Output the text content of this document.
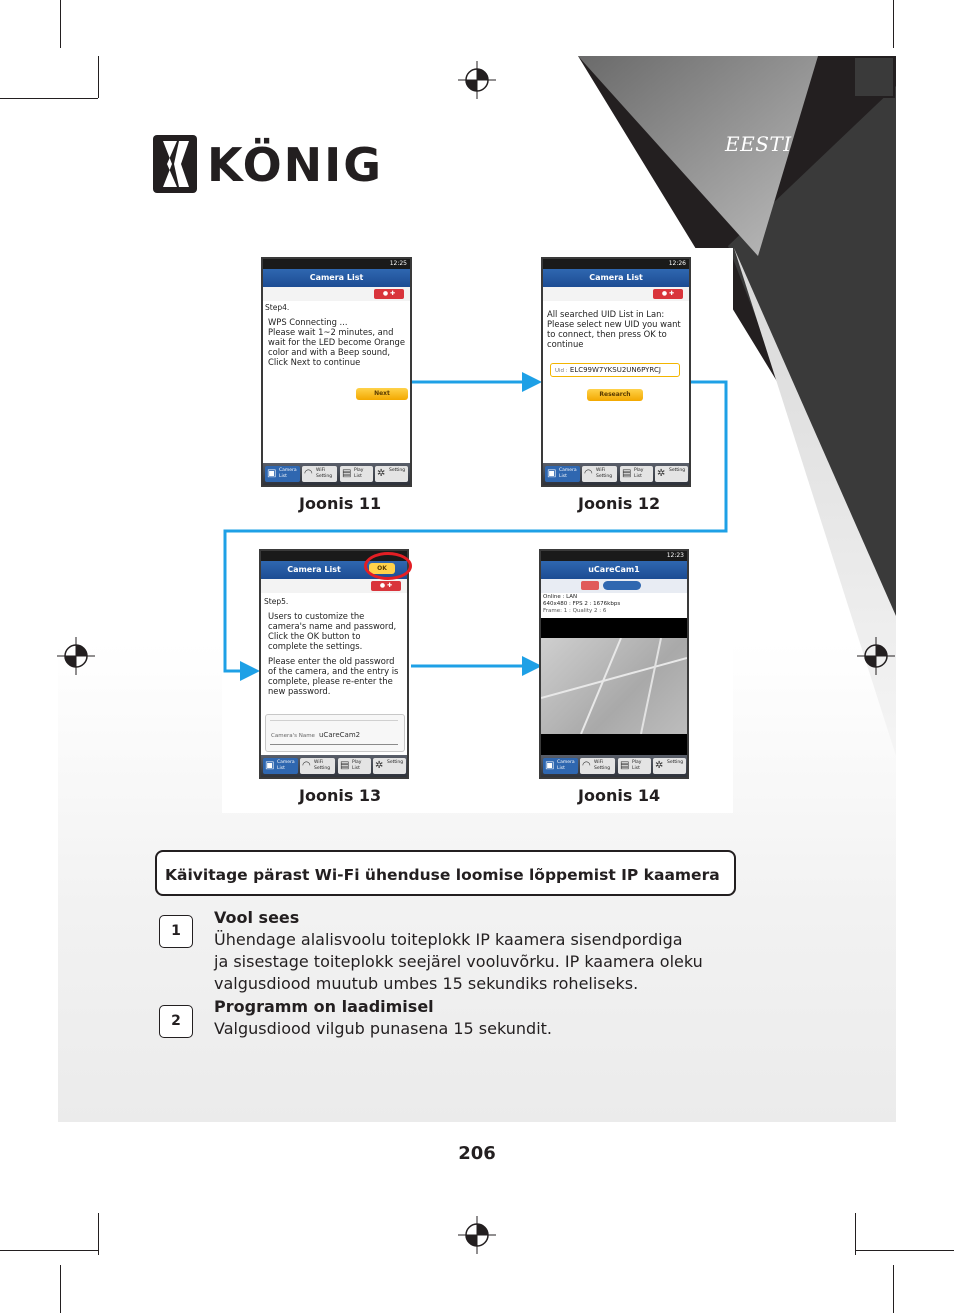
EESTI
KÖNIG
12:25
Camera List
● ✚
Step4.
WPS Connecting ...
Please wait 1~2 minutes, and
wait for the LED become Orange
color and with a Beep sound,
Click Next to continue
Next
▣ Camera List	◠ WiFi Setting ▤ Play List	✲ Setting
Joonis 11
12:26
Camera List
● ✚
All searched UID List in Lan:
Please select new UID you want
to connect, then press OK to
continue
Uid : ELC99W7YKSU2UN6PYRCJ
Research
▣ Camera List	◠ WiFi Setting ▤ Play List	✲ Setting
Joonis 12
Camera List	OK
● ✚
Step5.
Users to customize the
camera's name and password,
Click the OK button to
complete the settings.
Please enter the old password
of the camera, and the entry is
complete, please re-enter the
new password.
Camera's Name uCareCam2
▣ Camera List	◠ WiFi Setting ▤ Play List	✲ Setting
Joonis 13
12:23
uCareCam1
Online : LAN
640x480 : FPS 2 : 1676kbps
Frame: 1 : Quality 2 : 6
▣ Camera List	◠ WiFi Setting ▤ Play List	✲ Setting
Joonis 14
Käivitage pärast Wi-Fi ühenduse loomise lõppemist IP kaamera
1
Vool sees
Ühendage alalisvoolu toiteplokk IP kaamera sisendpordiga
ja sisestage toiteplokk seejärel vooluvõrku. IP kaamera oleku
valgusdiood muutub umbes 15 sekundiks roheliseks.
2
Programm on laadimisel
Valgusdiood vilgub punasena 15 sekundit.
206
